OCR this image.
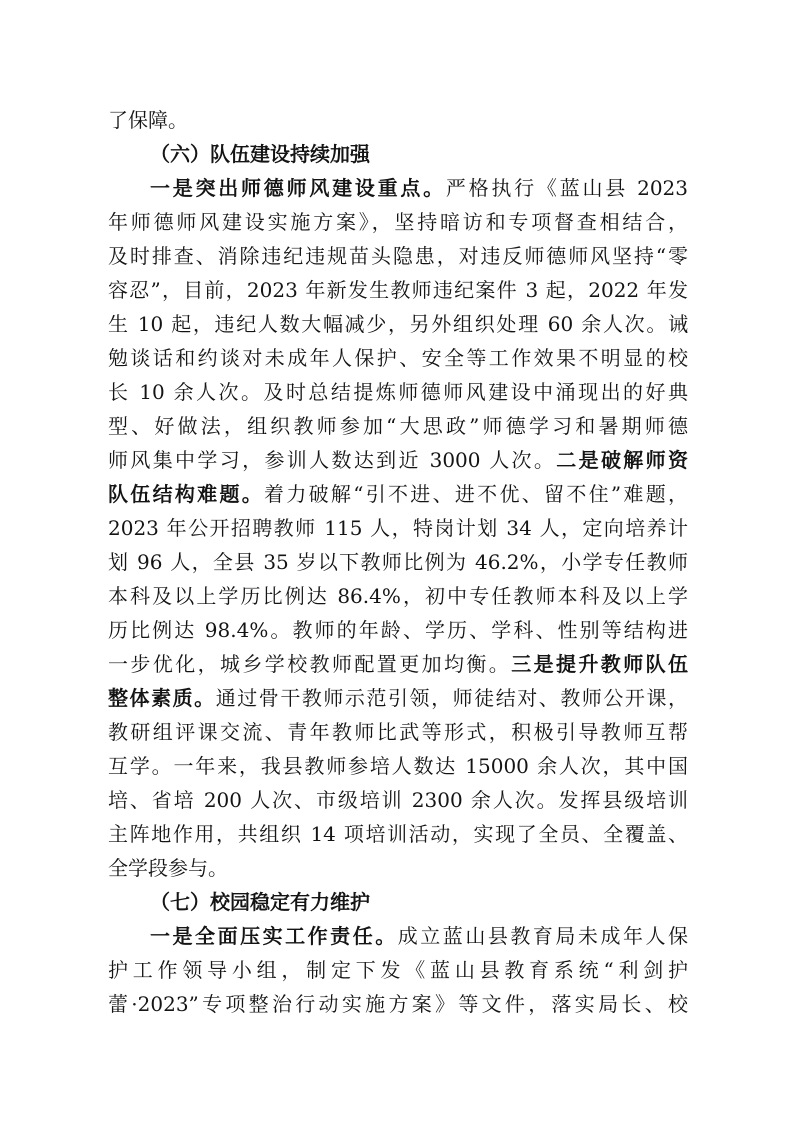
了保障。
（六）队伍建设持续加强
一是突出师德师风建设重点。严格执行《蓝山县 2023
年师德师风建设实施方案》，坚持暗访和专项督查相结合，
及时排查、消除违纪违规苗头隐患，对违反师德师风坚持“零
容忍”，目前，2023 年新发生教师违纪案件 3 起，2022 年发
生 10 起，违纪人数大幅减少，另外组织处理 60 余人次。诫
勉谈话和约谈对未成年人保护、安全等工作效果不明显的校
长 10 余人次。及时总结提炼师德师风建设中涌现出的好典
型、好做法，组织教师参加“大思政”师德学习和暑期师德
师风集中学习，参训人数达到近 3000 人次。二是破解师资
队伍结构难题。着力破解“引不进、进不优、留不住”难题，
2023 年公开招聘教师 115 人，特岗计划 34 人，定向培养计
划 96 人，全县 35 岁以下教师比例为 46.2%，小学专任教师
本科及以上学历比例达 86.4%，初中专任教师本科及以上学
历比例达 98.4%。教师的年龄、学历、学科、性别等结构进
一步优化，城乡学校教师配置更加均衡。三是提升教师队伍
整体素质。通过骨干教师示范引领，师徒结对、教师公开课，
教研组评课交流、青年教师比武等形式，积极引导教师互帮
互学。一年来，我县教师参培人数达 15000 余人次，其中国
培、省培 200 人次、市级培训 2300 余人次。发挥县级培训
主阵地作用，共组织 14 项培训活动，实现了全员、全覆盖、
全学段参与。
（七）校园稳定有力维护
一是全面压实工作责任。成立蓝山县教育局未成年人保
护工作领导小组，制定下发《蓝山县教育系统“利剑护
蕾·2023”专项整治行动实施方案》等文件，落实局长、校
